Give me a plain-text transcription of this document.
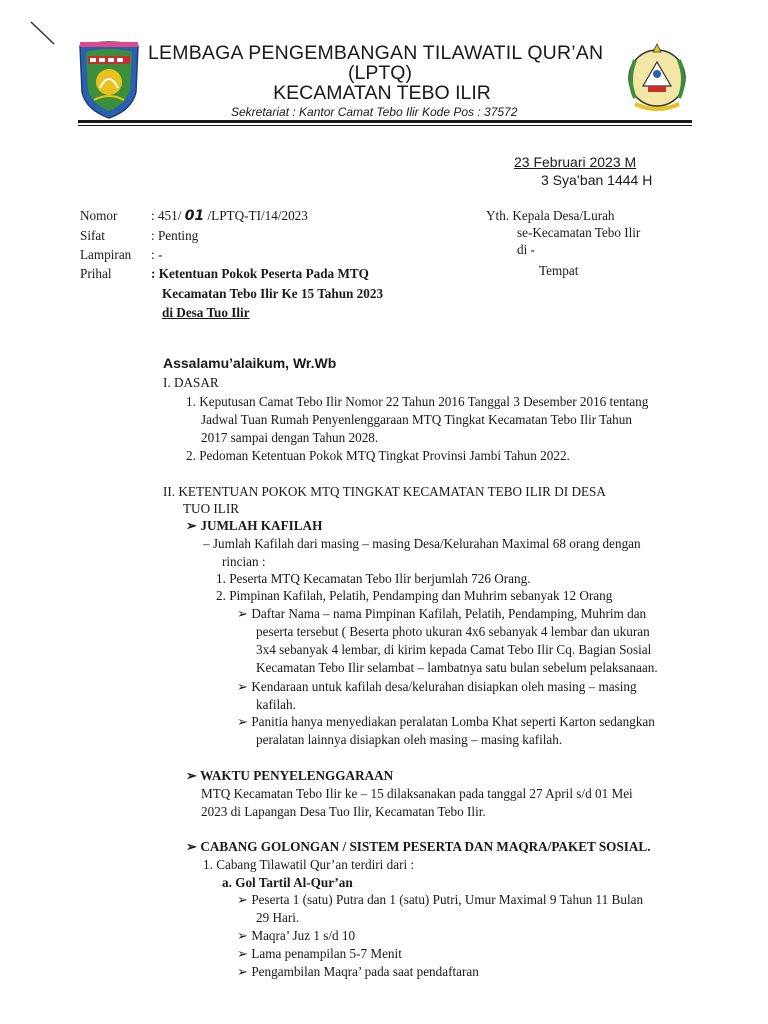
LEMBAGA PENGEMBANGAN TILAWATIL QUR’AN
(LPTQ)
KECAMATAN TEBO ILIR
Sekretariat : Kantor Camat Tebo Ilir Kode Pos : 37572
23 Februari 2023 M
3 Sya’ban 1444 H
Nomor
Sifat
Lampiran
Prihal
: 451/ 01 /LPTQ-TI/14/2023
: Penting
: -
: Ketentuan Pokok Peserta Pada MTQ
Kecamatan Tebo Ilir Ke 15 Tahun 2023
di Desa Tuo Ilir
Yth. Kepala Desa/Lurah
se-Kecamatan Tebo Ilir
di -
Tempat
Assalamu’alaikum, Wr.Wb
I. DASAR
1. Keputusan Camat Tebo Ilir Nomor 22 Tahun 2016 Tanggal 3 Desember 2016 tentang
Jadwal Tuan Rumah Penyenlenggaraan MTQ Tingkat Kecamatan Tebo Ilir Tahun
2017 sampai dengan Tahun 2028.
2. Pedoman Ketentuan Pokok MTQ Tingkat Provinsi Jambi Tahun 2022.
II. KETENTUAN POKOK MTQ TINGKAT KECAMATAN TEBO ILIR DI DESA
TUO ILIR
➢ JUMLAH KAFILAH
– Jumlah Kafilah dari masing – masing Desa/Kelurahan Maximal 68 orang dengan
rincian :
1. Peserta MTQ Kecamatan Tebo Ilir berjumlah 726 Orang.
2. Pimpinan Kafilah, Pelatih, Pendamping dan Muhrim sebanyak 12 Orang
➢ Daftar Nama – nama Pimpinan Kafilah, Pelatih, Pendamping, Muhrim dan
peserta tersebut ( Beserta photo ukuran 4x6 sebanyak 4 lembar dan ukuran
3x4 sebanyak 4 lembar, di kirim kepada Camat Tebo Ilir Cq. Bagian Sosial
Kecamatan Tebo Ilir selambat – lambatnya satu bulan sebelum pelaksanaan.
➢ Kendaraan untuk kafilah desa/kelurahan disiapkan oleh masing – masing
kafilah.
➢ Panitia hanya menyediakan peralatan Lomba Khat seperti Karton sedangkan
peralatan lainnya disiapkan oleh masing – masing kafilah.
➢ WAKTU PENYELENGGARAAN
MTQ Kecamatan Tebo Ilir ke – 15 dilaksanakan pada tanggal 27 April s/d 01 Mei
2023 di Lapangan Desa Tuo Ilir, Kecamatan Tebo Ilir.
➢ CABANG GOLONGAN / SISTEM PESERTA DAN MAQRA/PAKET SOSIAL.
1. Cabang Tilawatil Qur’an terdiri dari :
a. Gol Tartil Al-Qur’an
➢ Peserta 1 (satu) Putra dan 1 (satu) Putri, Umur Maximal 9 Tahun 11 Bulan
29 Hari.
➢ Maqra’ Juz 1 s/d 10
➢ Lama penampilan 5-7 Menit
➢ Pengambilan Maqra’ pada saat pendaftaran
